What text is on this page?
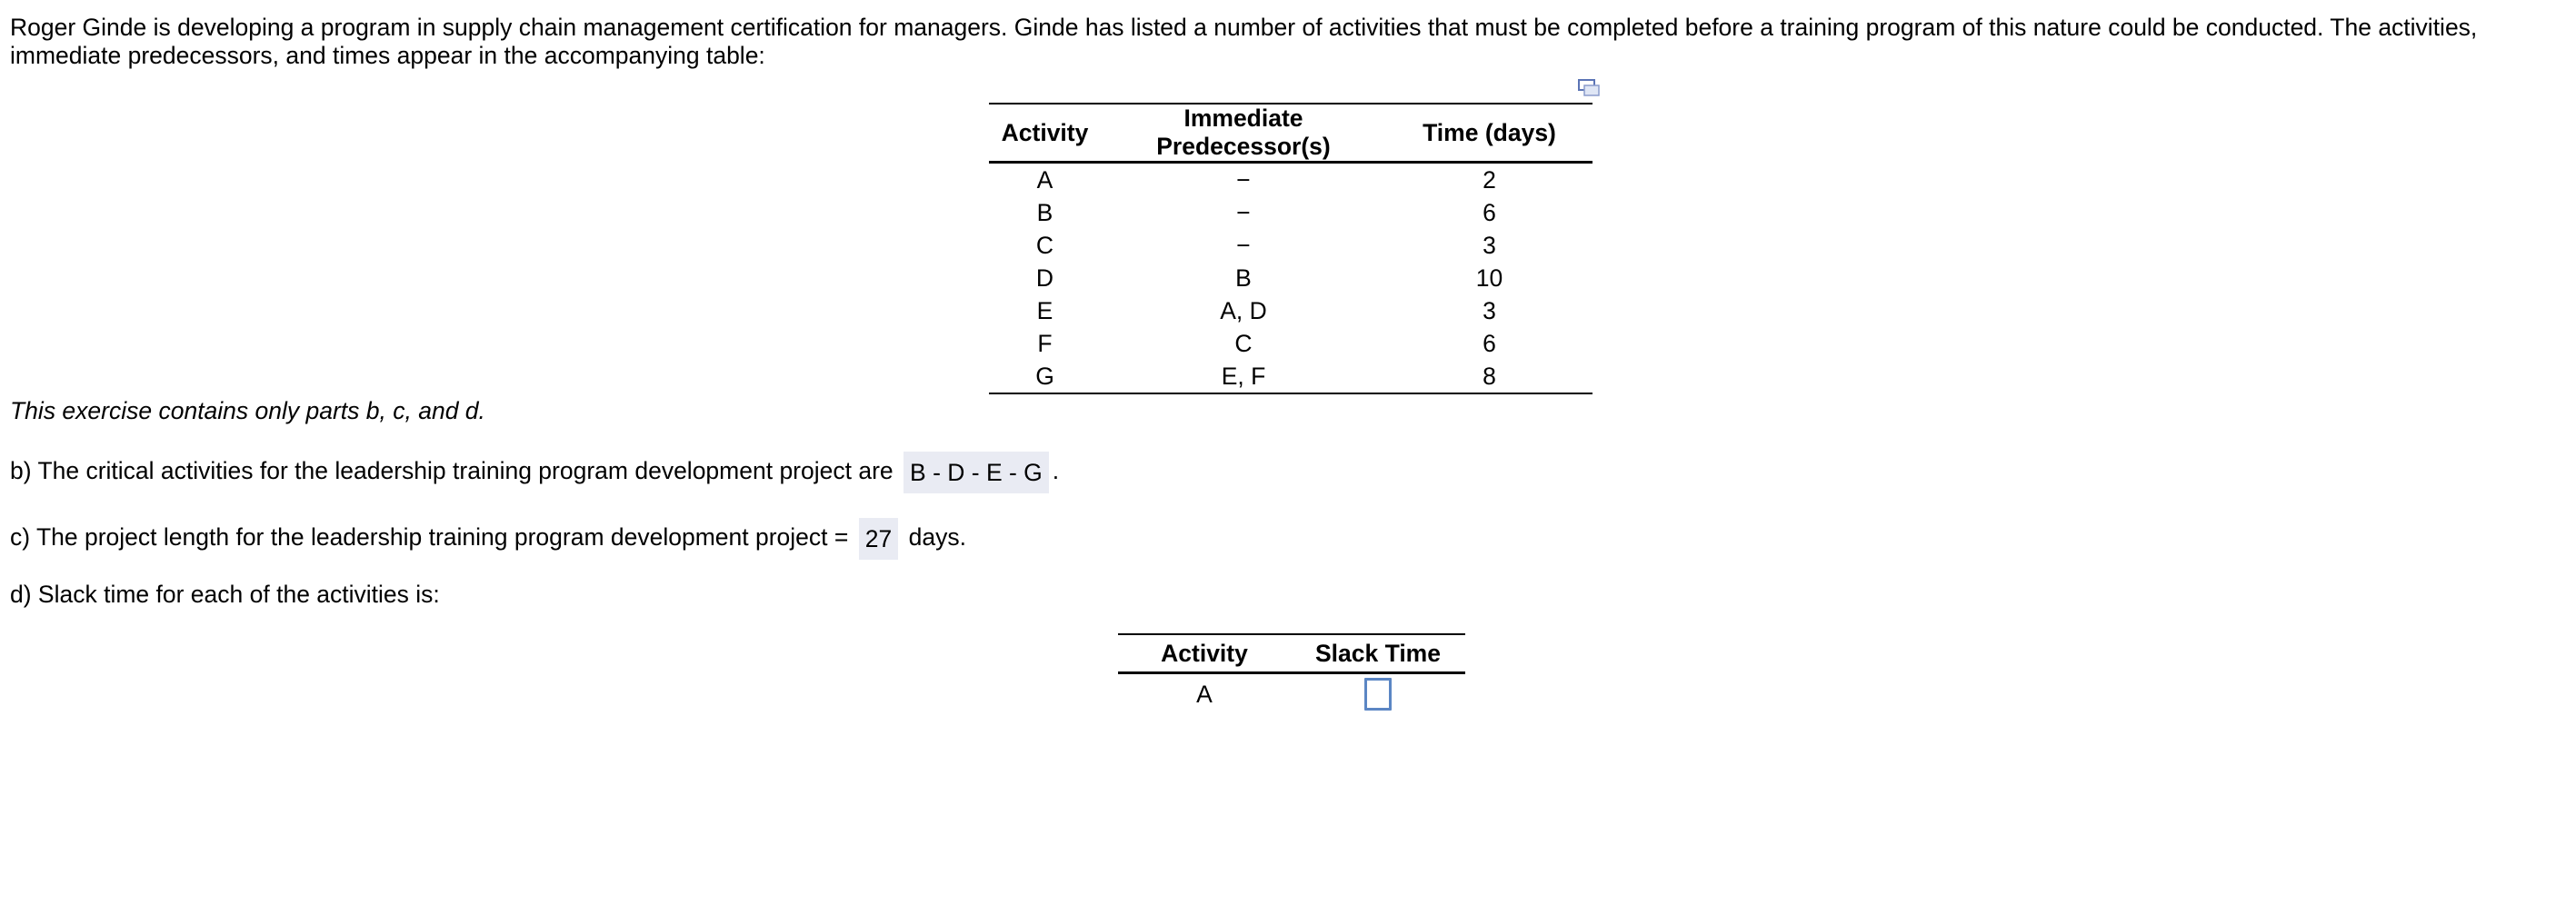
Roger Ginde is developing a program in supply chain management certification for managers. Ginde has listed a number of activities that must be completed before a training program of this nature could be conducted. The activities, immediate predecessors, and times appear in the accompanying table:

Activity	Immediate Predecessor(s)	Time (days)
A	−	2
B	−	6
C	−	3
D	B	10
E	A, D	3
F	C	6
G	E, F	8

This exercise contains only parts b, c, and d.

b) The critical activities for the leadership training program development project are B - D - E - G .

c) The project length for the leadership training program development project = 27 days.

d) Slack time for each of the activities is:

Activity	Slack Time
A	
